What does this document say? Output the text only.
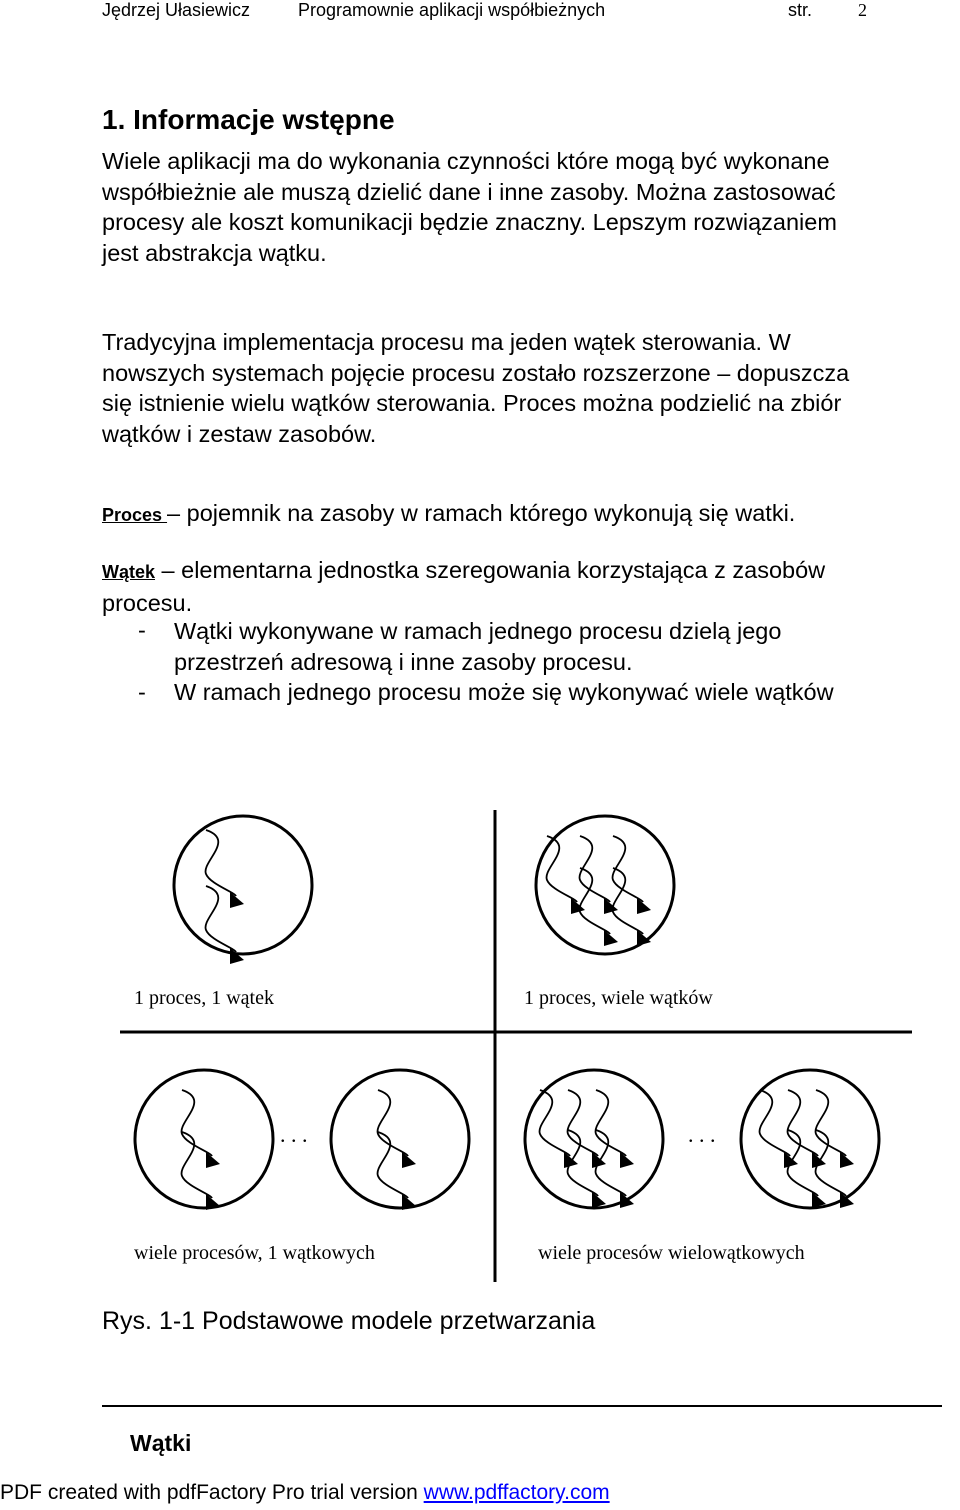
Jędrzej Ułasiewicz	Programownie aplikacji współbieżnych	str.	2
1. Informacje wstępne

Wiele aplikacji ma do wykonania czynności które mogą być wykonane
współbieżnie ale muszą dzielić dane i inne zasoby. Można zastosować
procesy ale koszt komunikacji będzie znaczny. Lepszym rozwiązaniem
jest abstrakcja wątku.

Tradycyjna implementacja procesu ma jeden wątek sterowania. W
nowszych systemach pojęcie procesu zostało rozszerzone – dopuszcza
się istnienie wielu wątków sterowania. Proces można podzielić na zbiór
wątków i zestaw zasobów.

Proces – pojemnik na zasoby w ramach którego wykonują się watki.

Wątek – elementarna jednostka szeregowania korzystająca z zasobów
procesu.

- Wątki wykonywane w ramach jednego procesu dzielą jego
przestrzeń adresową i inne zasoby procesu.
- W ramach jednego procesu może się wykonywać wiele wątków
1 proces, 1 wątek	1 proces, wiele wątków
. . .	. . .
wiele procesów, 1 wątkowych	wiele procesów wielowątkowych
Rys. 1-1 Podstawowe modele przetwarzania
Wątki
PDF created with pdfFactory Pro trial version www.pdffactory.com
